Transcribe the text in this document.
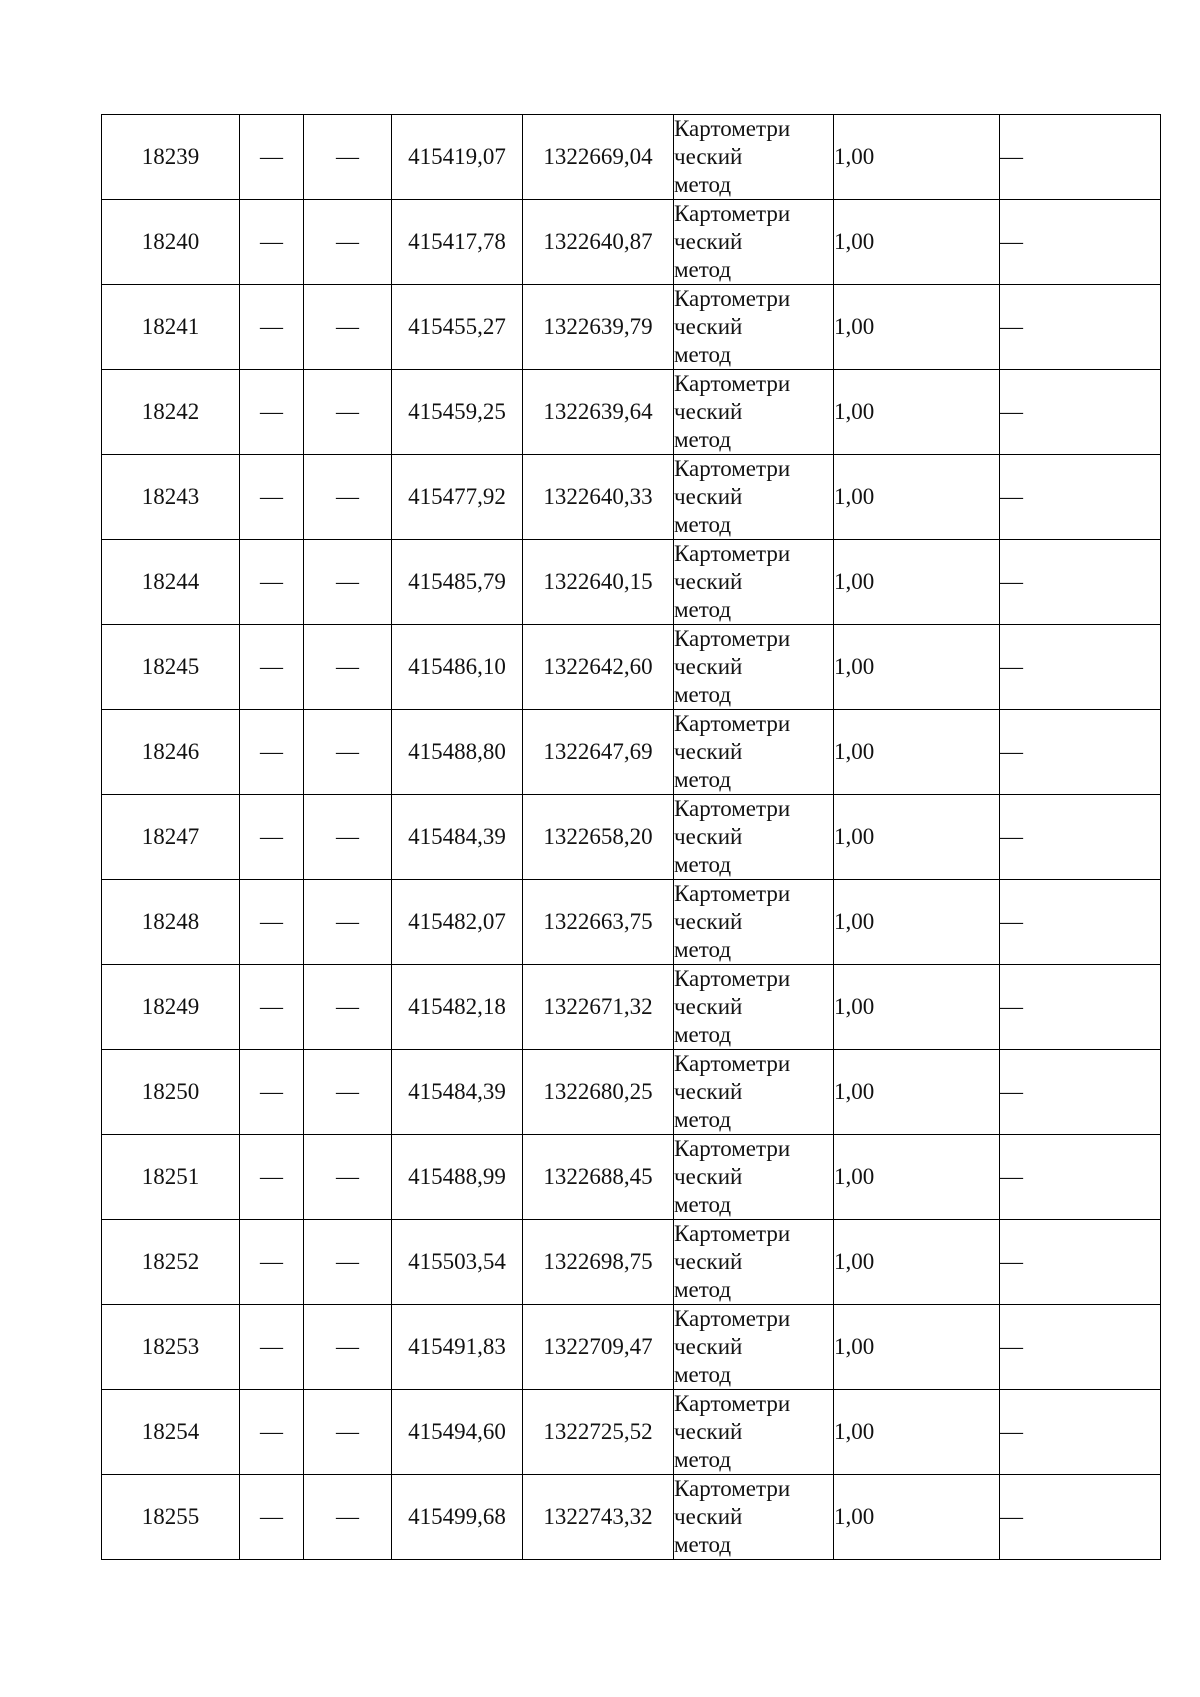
18239	—	—	415419,07	1322669,04	Картометри
ческий
метод	1,00	—
18240	—	—	415417,78	1322640,87	Картометри
ческий
метод	1,00	—
18241	—	—	415455,27	1322639,79	Картометри
ческий
метод	1,00	—
18242	—	—	415459,25	1322639,64	Картометри
ческий
метод	1,00	—
18243	—	—	415477,92	1322640,33	Картометри
ческий
метод	1,00	—
18244	—	—	415485,79	1322640,15	Картометри
ческий
метод	1,00	—
18245	—	—	415486,10	1322642,60	Картометри
ческий
метод	1,00	—
18246	—	—	415488,80	1322647,69	Картометри
ческий
метод	1,00	—
18247	—	—	415484,39	1322658,20	Картометри
ческий
метод	1,00	—
18248	—	—	415482,07	1322663,75	Картометри
ческий
метод	1,00	—
18249	—	—	415482,18	1322671,32	Картометри
ческий
метод	1,00	—
18250	—	—	415484,39	1322680,25	Картометри
ческий
метод	1,00	—
18251	—	—	415488,99	1322688,45	Картометри
ческий
метод	1,00	—
18252	—	—	415503,54	1322698,75	Картометри
ческий
метод	1,00	—
18253	—	—	415491,83	1322709,47	Картометри
ческий
метод	1,00	—
18254	—	—	415494,60	1322725,52	Картометри
ческий
метод	1,00	—
18255	—	—	415499,68	1322743,32	Картометри
ческий
метод	1,00	—
